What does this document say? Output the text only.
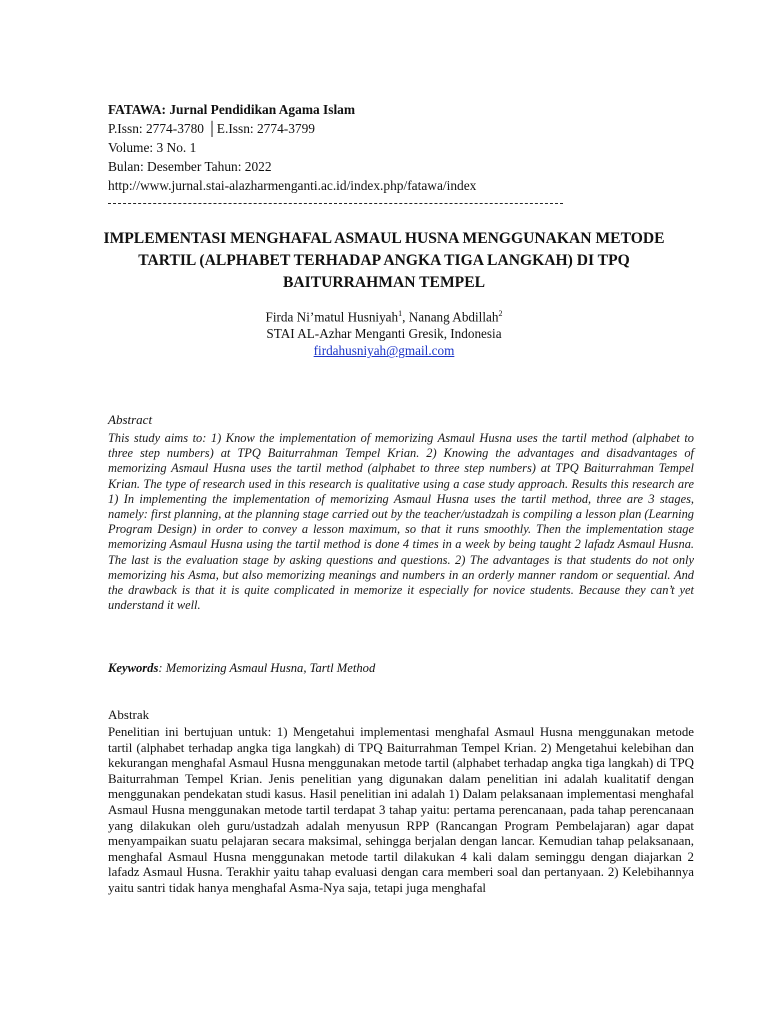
FATAWA: Jurnal Pendidikan Agama Islam
P.Issn: 2774-3780 │E.Issn: 2774-3799
Volume: 3 No. 1
Bulan: Desember Tahun: 2022
http://www.jurnal.stai-alazharmenganti.ac.id/index.php/fatawa/index
IMPLEMENTASI MENGHAFAL ASMAUL HUSNA MENGGUNAKAN METODE TARTIL (ALPHABET TERHADAP ANGKA TIGA LANGKAH) DI TPQ BAITURRAHMAN TEMPEL
Firda Ni’matul Husniyah$^1$, Nanang Abdillah$^2$
STAI AL-Azhar Menganti Gresik, Indonesia
firdahusniyah@gmail.com
Abstract
This study aims to: 1) Know the implementation of memorizing Asmaul Husna uses the tartil method (alphabet to three step numbers) at TPQ Baiturrahman Tempel Krian. 2) Knowing the advantages and disadvantages of memorizing Asmaul Husna uses the tartil method (alphabet to three step numbers) at TPQ Baiturrahman Tempel Krian. The type of research used in this research is qualitative using a case study approach. Results this research are 1) In implementing the implementation of memorizing Asmaul Husna uses the tartil method, three are 3 stages, namely: first planning, at the planning stage carried out by the teacher/ustadzah is compiling a lesson plan (Learning Program Design) in order to convey a lesson maximum, so that it runs smoothly. Then the implementation stage memorizing Asmaul Husna using the tartil method is done 4 times in a week by being taught 2 lafadz Asmaul Husna. The last is the evaluation stage by asking questions and questions. 2) The advantages is that students do not only memorizing his Asma, but also memorizing meanings and numbers in an orderly manner random or sequential. And the drawback is that it is quite complicated in memorize it especially for novice students. Because they can’t yet understand it well.
Keywords: Memorizing Asmaul Husna, Tartl Method
Abstrak
Penelitian ini bertujuan untuk: 1) Mengetahui implementasi menghafal Asmaul Husna menggunakan metode tartil (alphabet terhadap angka tiga langkah) di TPQ Baiturrahman Tempel Krian. 2) Mengetahui kelebihan dan kekurangan menghafal Asmaul Husna menggunakan metode tartil (alphabet terhadap angka tiga langkah) di TPQ Baiturrahman Tempel Krian. Jenis penelitian yang digunakan dalam penelitian ini adalah kualitatif dengan menggunakan pendekatan studi kasus. Hasil penelitian ini adalah 1) Dalam pelaksanaan implementasi menghafal Asmaul Husna menggunakan metode tartil terdapat 3 tahap yaitu: pertama perencanaan, pada tahap perencanaan yang dilakukan oleh guru/ustadzah adalah menyusun RPP (Rancangan Program Pembelajaran) agar dapat menyampaikan suatu pelajaran secara maksimal, sehingga berjalan dengan lancar. Kemudian tahap pelaksanaan, menghafal Asmaul Husna menggunakan metode tartil dilakukan 4 kali dalam seminggu dengan diajarkan 2 lafadz Asmaul Husna. Terakhir yaitu tahap evaluasi dengan cara memberi soal dan pertanyaan. 2) Kelebihannya yaitu santri tidak hanya menghafal Asma-Nya saja, tetapi juga menghafal
